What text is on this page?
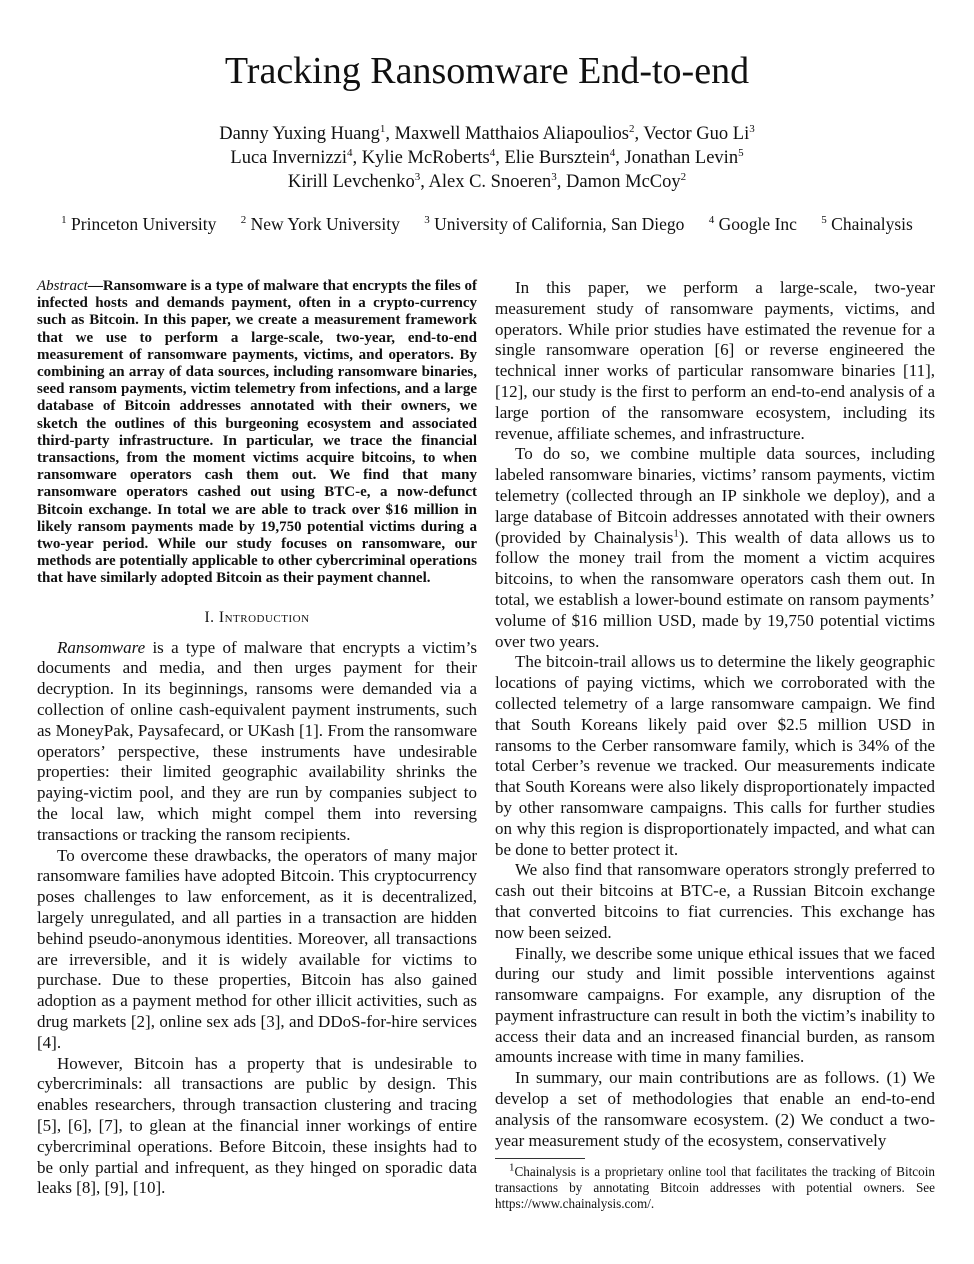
Tracking Ransomware End-to-end
Danny Yuxing Huang$^1$, Maxwell Matthaios Aliapoulios$^2$, Vector Guo Li$^3$
Luca Invernizzi$^4$, Kylie McRoberts$^4$, Elie Bursztein$^4$, Jonathan Levin$^5$
Kirill Levchenko$^3$, Alex C. Snoeren$^3$, Damon McCoy$^2$
$^1$ Princeton University $^2$ New York University $^3$ University of California, San Diego $^4$ Google Inc $^5$ Chainalysis

Abstract—Ransomware is a type of malware that encrypts the files of infected hosts and demands payment, often in a crypto-currency such as Bitcoin. In this paper, we create a measurement framework that we use to perform a large-scale, two-year, end-to-end measurement of ransomware payments, victims, and operators. By combining an array of data sources, including ransomware binaries, seed ransom payments, victim telemetry from infections, and a large database of Bitcoin addresses annotated with their owners, we sketch the outlines of this burgeoning ecosystem and associated third-party infrastructure. In particular, we trace the financial transactions, from the moment victims acquire bitcoins, to when ransomware operators cash them out. We find that many ransomware operators cashed out using BTC-e, a now-defunct Bitcoin exchange. In total we are able to track over $16 million in likely ransom payments made by 19,750 potential victims during a two-year period. While our study focuses on ransomware, our methods are potentially applicable to other cybercriminal operations that have similarly adopted Bitcoin as their payment channel.

I. Introduction

Ransomware is a type of malware that encrypts a victim’s documents and media, and then urges payment for their decryption. In its beginnings, ransoms were demanded via a collection of online cash-equivalent payment instruments, such as MoneyPak, Paysafecard, or UKash [1]. From the ransomware operators’ perspective, these instruments have undesirable properties: their limited geographic availability shrinks the paying-victim pool, and they are run by companies subject to the local law, which might compel them into reversing transactions or tracking the ransom recipients.

To overcome these drawbacks, the operators of many major ransomware families have adopted Bitcoin. This cryptocurrency poses challenges to law enforcement, as it is decentralized, largely unregulated, and all parties in a transaction are hidden behind pseudo-anonymous identities. Moreover, all transactions are irreversible, and it is widely available for victims to purchase. Due to these properties, Bitcoin has also gained adoption as a payment method for other illicit activities, such as drug markets [2], online sex ads [3], and DDoS-for-hire services [4].

However, Bitcoin has a property that is undesirable to cybercriminals: all transactions are public by design. This enables researchers, through transaction clustering and tracing [5], [6], [7], to glean at the financial inner workings of entire cybercriminal operations. Before Bitcoin, these insights had to be only partial and infrequent, as they hinged on sporadic data leaks [8], [9], [10].

In this paper, we perform a large-scale, two-year measurement study of ransomware payments, victims, and operators. While prior studies have estimated the revenue for a single ransomware operation [6] or reverse engineered the technical inner works of particular ransomware binaries [11], [12], our study is the first to perform an end-to-end analysis of a large portion of the ransomware ecosystem, including its revenue, affiliate schemes, and infrastructure.

To do so, we combine multiple data sources, including labeled ransomware binaries, victims’ ransom payments, victim telemetry (collected through an IP sinkhole we deploy), and a large database of Bitcoin addresses annotated with their owners (provided by Chainalysis$^1$). This wealth of data allows us to follow the money trail from the moment a victim acquires bitcoins, to when the ransomware operators cash them out. In total, we establish a lower-bound estimate on ransom payments’ volume of $16 million USD, made by 19,750 potential victims over two years.

The bitcoin-trail allows us to determine the likely geographic locations of paying victims, which we corroborated with the collected telemetry of a large ransomware campaign. We find that South Koreans likely paid over $2.5 million USD in ransoms to the Cerber ransomware family, which is 34% of the total Cerber’s revenue we tracked. Our measurements indicate that South Koreans were also likely disproportionately impacted by other ransomware campaigns. This calls for further studies on why this region is disproportionately impacted, and what can be done to better protect it.

We also find that ransomware operators strongly preferred to cash out their bitcoins at BTC-e, a Russian Bitcoin exchange that converted bitcoins to fiat currencies. This exchange has now been seized.

Finally, we describe some unique ethical issues that we faced during our study and limit possible interventions against ransomware campaigns. For example, any disruption of the payment infrastructure can result in both the victim’s inability to access their data and an increased financial burden, as ransom amounts increase with time in many families.

In summary, our main contributions are as follows. (1) We develop a set of methodologies that enable an end-to-end analysis of the ransomware ecosystem. (2) We conduct a two-year measurement study of the ecosystem, conservatively

$^1$Chainalysis is a proprietary online tool that facilitates the tracking of Bitcoin transactions by annotating Bitcoin addresses with potential owners. See https://www.chainalysis.com/.
